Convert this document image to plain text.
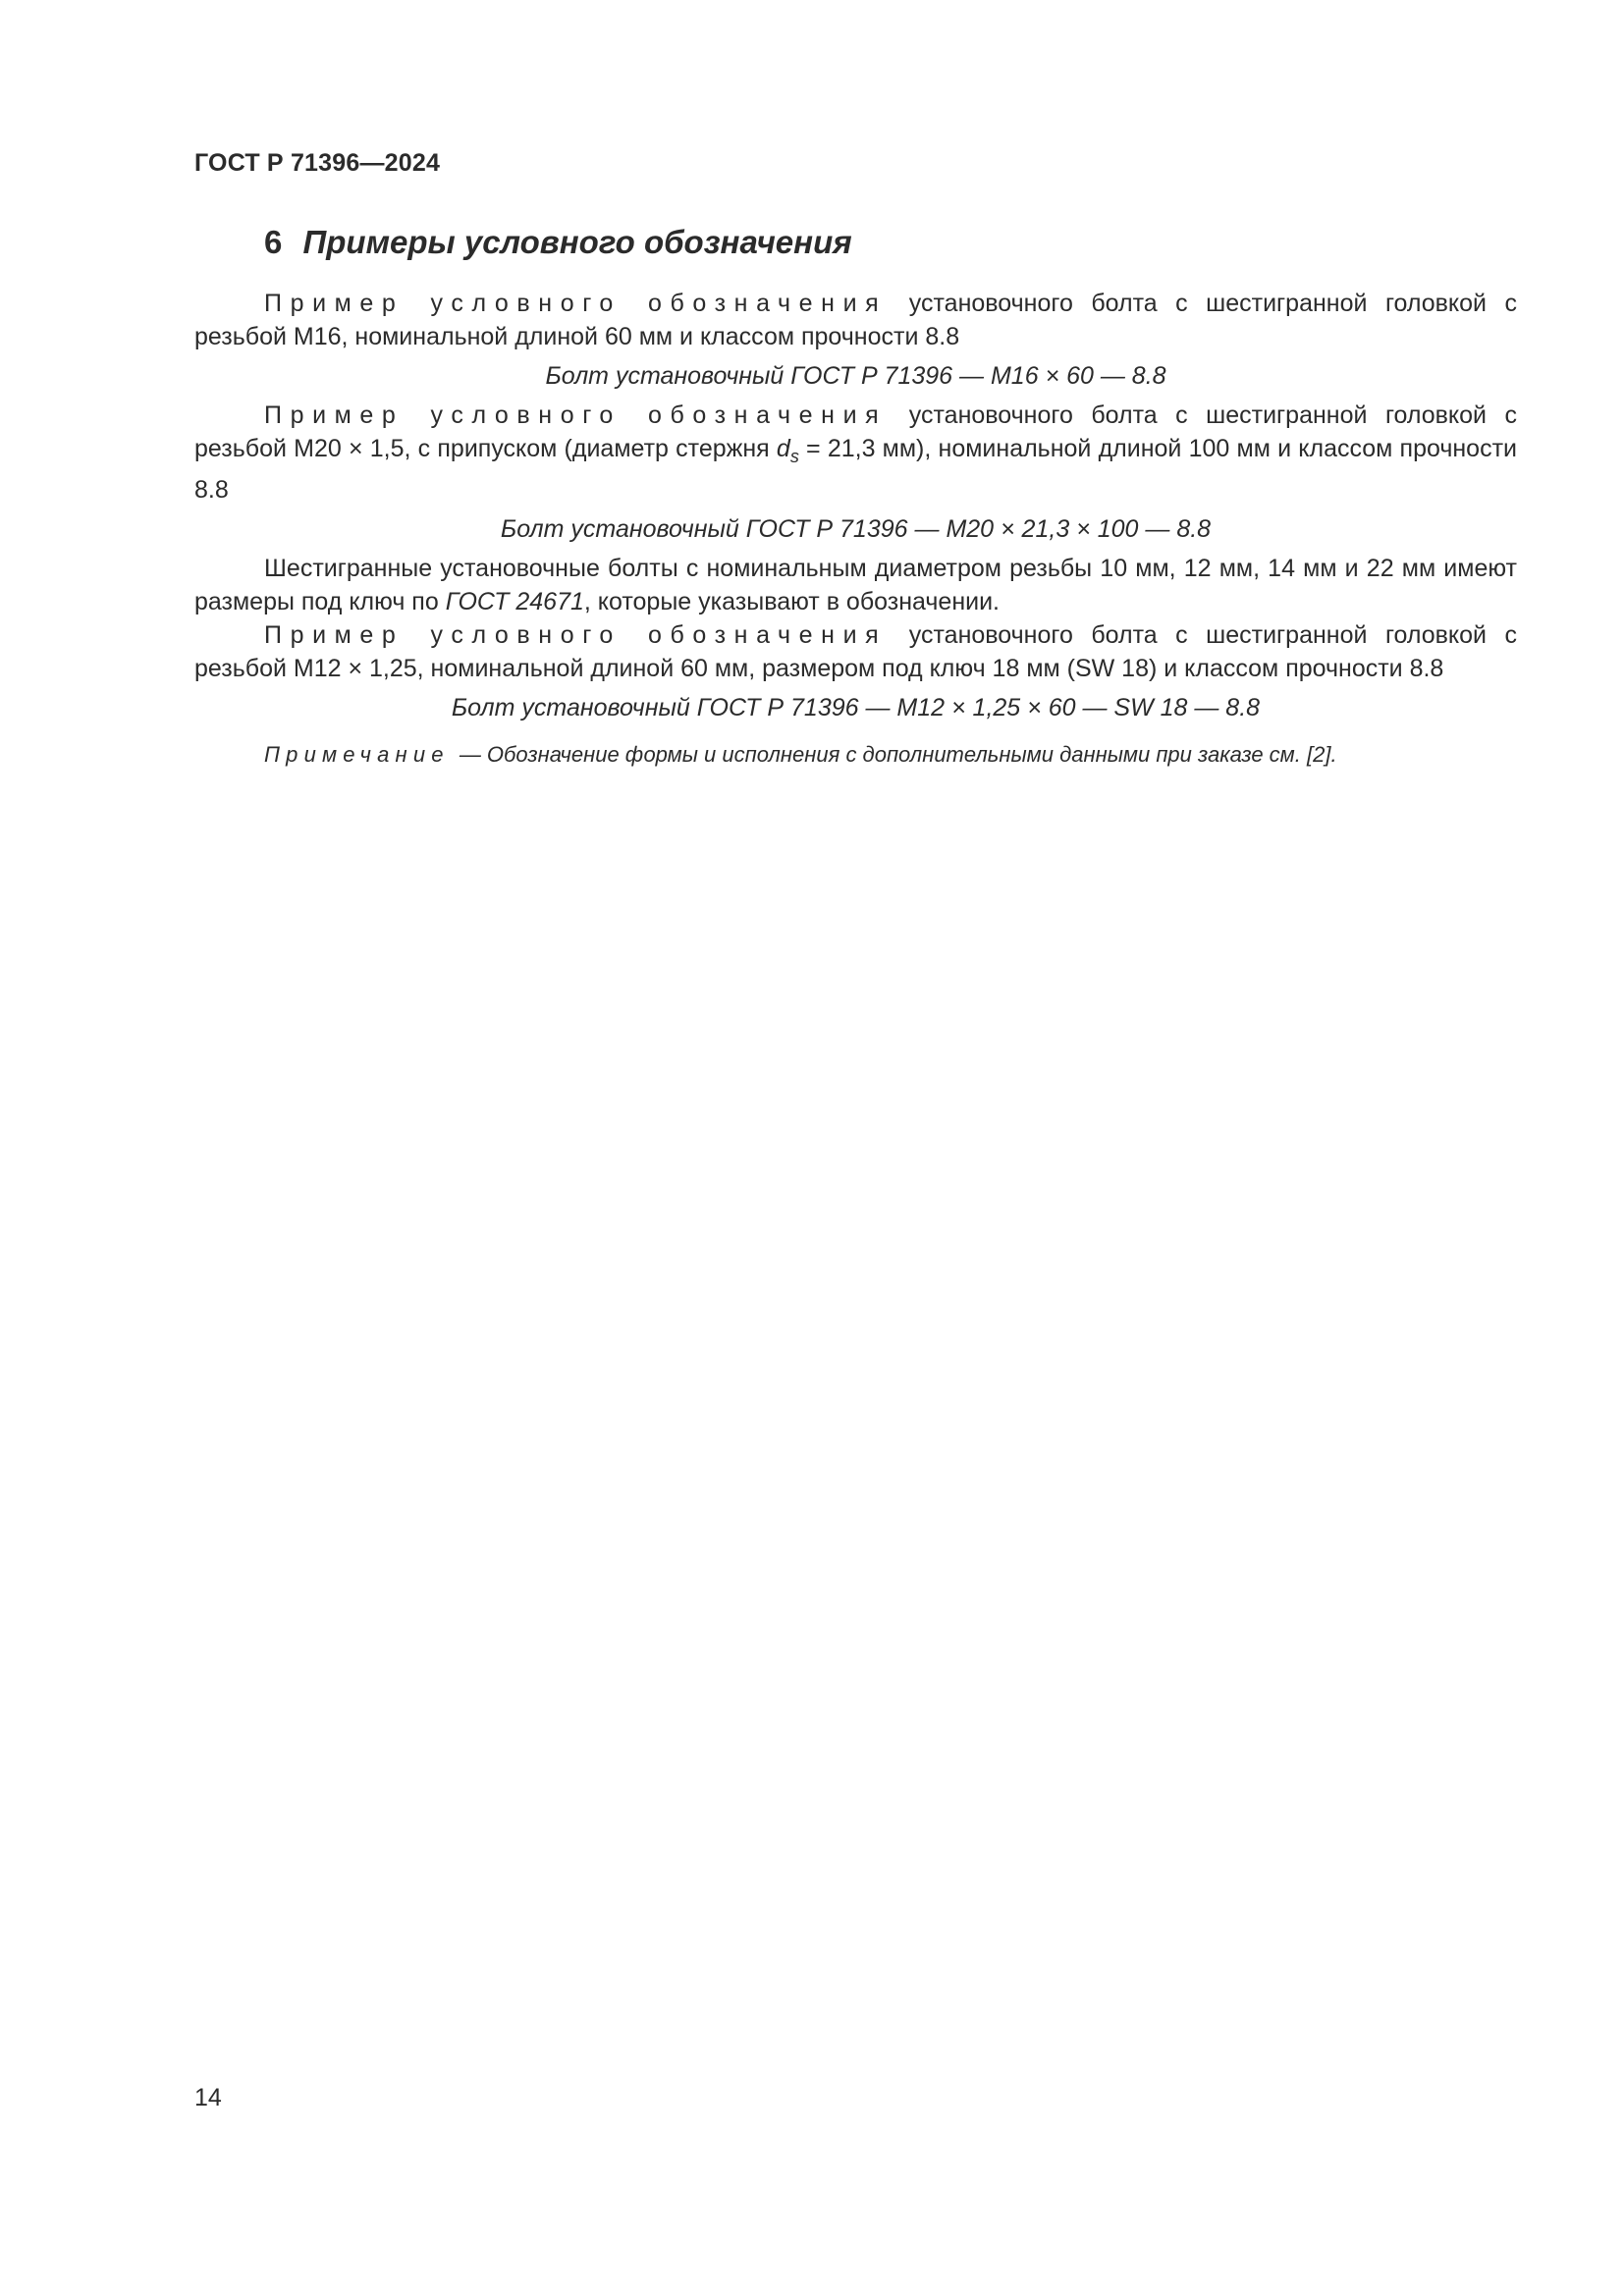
ГОСТ Р 71396—2024
6 Примеры условного обозначения

Пример условного обозначения установочного болта с шестигранной головкой с резьбой М16, номинальной длиной 60 мм и классом прочности 8.8

Болт установочный ГОСТ Р 71396 — М16 × 60 — 8.8

Пример условного обозначения установочного болта с шестигранной головкой с резьбой М20 × 1,5, с припуском (диаметр стержня $d_s = 21,3$ мм), номинальной длиной 100 мм и классом прочности 8.8

Болт установочный ГОСТ Р 71396 — М20 × 21,3 × 100 — 8.8

Шестигранные установочные болты с номинальным диаметром резьбы 10 мм, 12 мм, 14 мм и 22 мм имеют размеры под ключ по ГОСТ 24671, которые указывают в обозначении.

Пример условного обозначения установочного болта с шестигранной головкой с резьбой М12 × 1,25, номинальной длиной 60 мм, размером под ключ 18 мм (SW 18) и классом прочности 8.8

Болт установочный ГОСТ Р 71396 — М12 × 1,25 × 60 — SW 18 — 8.8

Примечание — Обозначение формы и исполнения с дополнительными данными при заказе см. [2].

14
